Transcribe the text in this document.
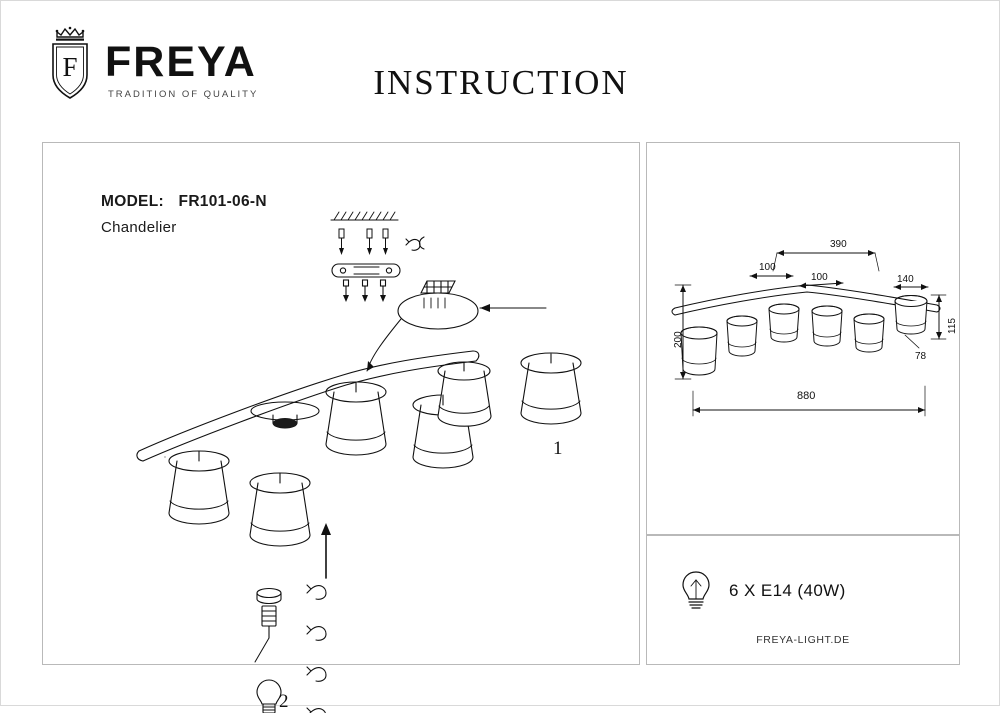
F FREYA
TRADITION OF QUALITY	INSTRUCTION
MODEL: FR101-06-N
Chandelier
1
2
390
100
100
200
140
115
78
880
6 X E14 (40W)
FREYA-LIGHT.DE
